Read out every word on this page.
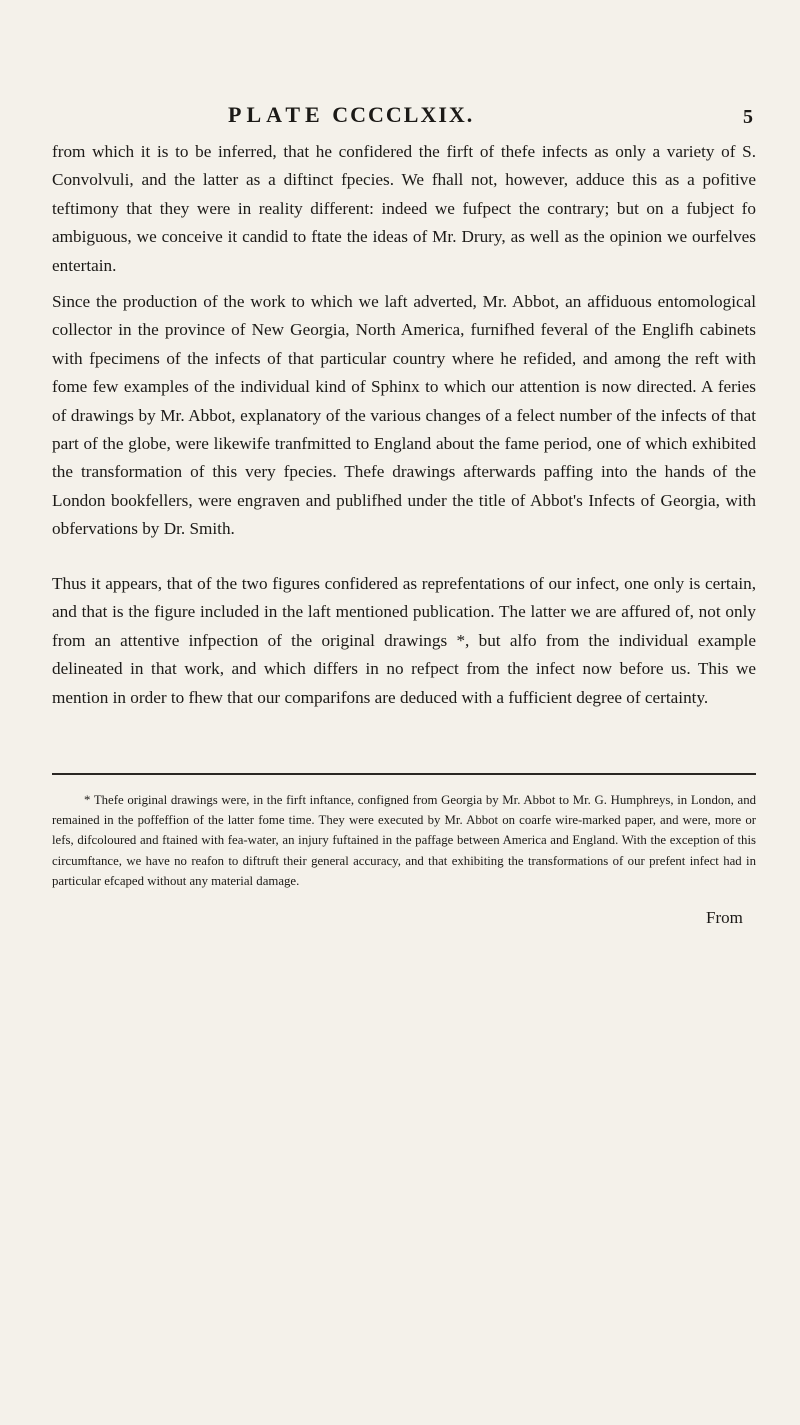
PLATE CCCCLXIX.	5

from which it is to be inferred, that he confidered the firft of thefe infects as only a variety of S. Convolvuli, and the latter as a diftinct fpecies. We fhall not, however, adduce this as a pofitive teftimony that they were in reality different: indeed we fufpect the contrary; but on a fubject fo ambiguous, we conceive it candid to ftate the ideas of Mr. Drury, as well as the opinion we ourfelves entertain.

Since the production of the work to which we laft adverted, Mr. Abbot, an affiduous entomological collector in the province of New Georgia, North America, furnifhed feveral of the Englifh cabinets with fpecimens of the infects of that particular country where he refided, and among the reft with fome few examples of the individual kind of Sphinx to which our attention is now directed. A feries of drawings by Mr. Abbot, explanatory of the various changes of a felect number of the infects of that part of the globe, were likewife tranfmitted to England about the fame period, one of which exhibited the transformation of this very fpecies. Thefe drawings afterwards paffing into the hands of the London bookfellers, were engraven and publifhed under the title of Abbot's Infects of Georgia, with obfervations by Dr. Smith.

Thus it appears, that of the two figures confidered as reprefentations of our infect, one only is certain, and that is the figure included in the laft mentioned publication. The latter we are affured of, not only from an attentive infpection of the original drawings *, but alfo from the individual example delineated in that work, and which differs in no refpect from the infect now before us. This we mention in order to fhew that our comparifons are deduced with a fufficient degree of certainty.

* Thefe original drawings were, in the firft inftance, configned from Georgia by Mr. Abbot to Mr. G. Humphreys, in London, and remained in the poffeffion of the latter fome time. They were executed by Mr. Abbot on coarfe wire-marked paper, and were, more or lefs, difcoloured and ftained with fea-water, an injury fuftained in the paffage between America and England. With the exception of this circumftance, we have no reafon to diftruft their general accuracy, and that exhibiting the transformations of our prefent infect had in particular efcaped without any material damage.

From
